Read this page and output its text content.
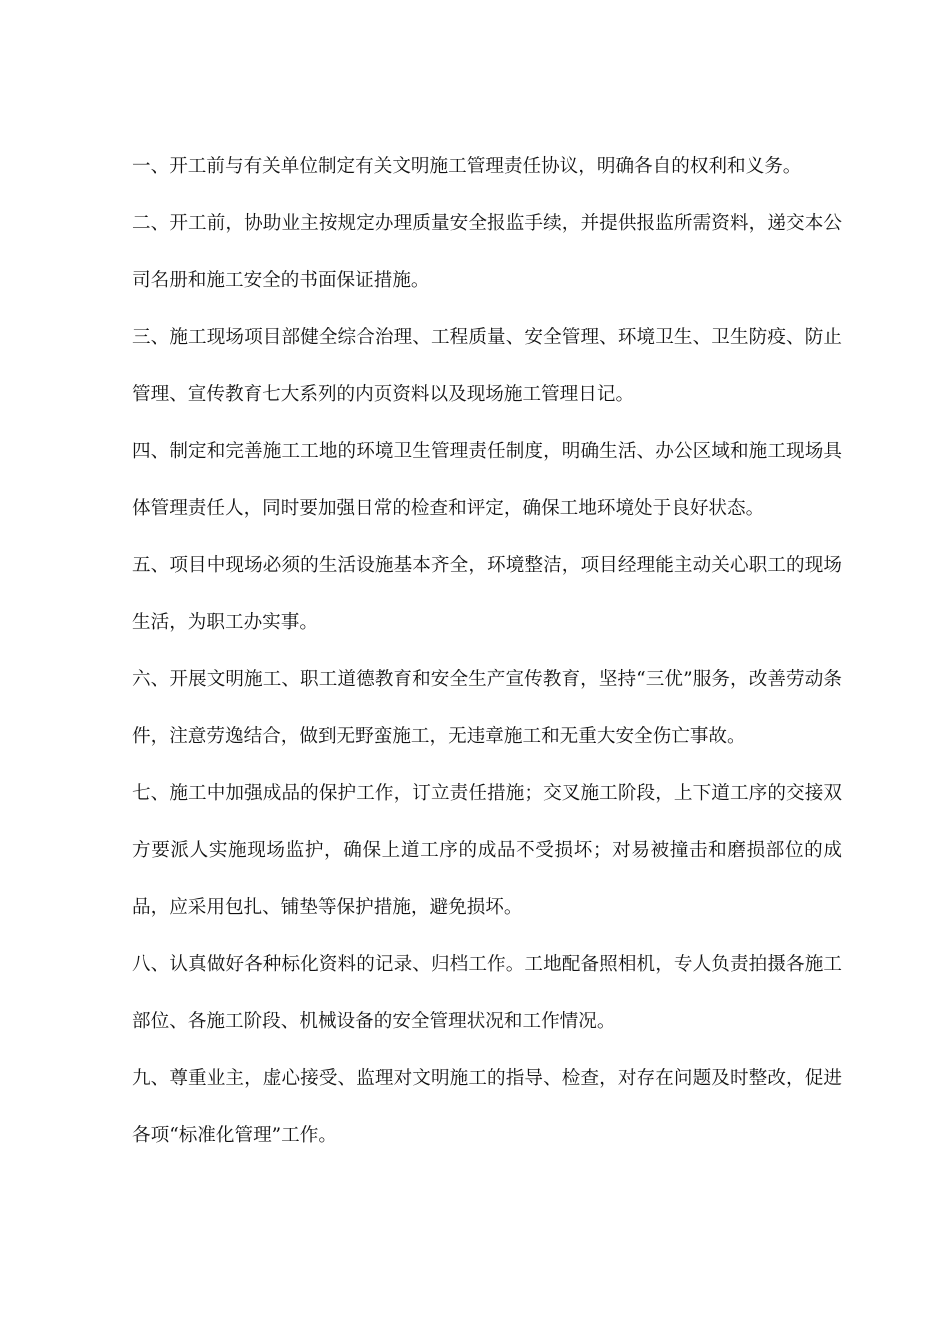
一、开工前与有关单位制定有关文明施工管理责任协议，明确各自的权利和义务。

二、开工前，协助业主按规定办理质量安全报监手续，并提供报监所需资料，递交本公司名册和施工安全的书面保证措施。

三、施工现场项目部健全综合治理、工程质量、安全管理、环境卫生、卫生防疫、防止管理、宣传教育七大系列的内页资料以及现场施工管理日记。

四、制定和完善施工工地的环境卫生管理责任制度，明确生活、办公区域和施工现场具体管理责任人，同时要加强日常的检查和评定，确保工地环境处于良好状态。

五、项目中现场必须的生活设施基本齐全，环境整洁，项目经理能主动关心职工的现场生活，为职工办实事。

六、开展文明施工、职工道德教育和安全生产宣传教育，坚持“三优”服务，改善劳动条件，注意劳逸结合，做到无野蛮施工，无违章施工和无重大安全伤亡事故。

七、施工中加强成品的保护工作，订立责任措施；交叉施工阶段，上下道工序的交接双方要派人实施现场监护，确保上道工序的成品不受损坏；对易被撞击和磨损部位的成品，应采用包扎、铺垫等保护措施，避免损坏。

八、认真做好各种标化资料的记录、归档工作。工地配备照相机，专人负责拍摄各施工部位、各施工阶段、机械设备的安全管理状况和工作情况。

九、尊重业主，虚心接受、监理对文明施工的指导、检查，对存在问题及时整改，促进各项“标准化管理”工作。
